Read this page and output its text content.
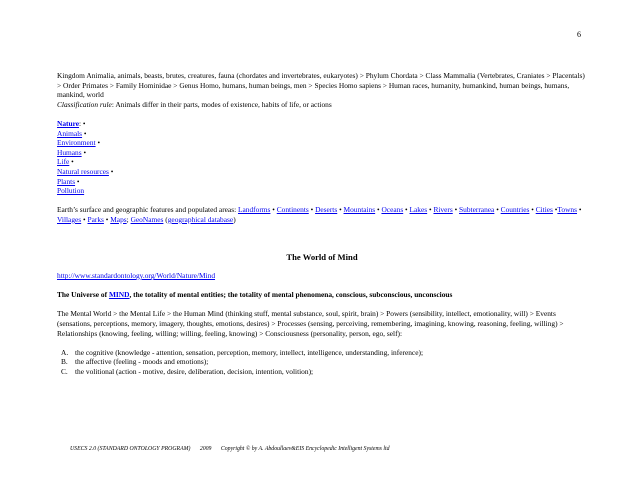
6

Kingdom Animalia, animals, beasts, brutes, creatures, fauna (chordates and invertebrates, eukaryotes) > Phylum Chordata > Class Mammalia (Vertebrates, Craniates > Placentals) > Order Primates > Family Hominidae > Genus Homo, humans, human beings, men > Species Homo sapiens > Human races, humanity, humankind, human beings, humans, mankind, world

Classification rule: Animals differ in their parts, modes of existence, habits of life, or actions

Nature: •
Animals •
Environment •
Humans •
Life •
Natural resources •
Plants •
Pollution

Earth’s surface and geographic features and populated areas: Landforms • Continents • Deserts • Mountains • Oceans • Lakes • Rivers • Subterranea • Countries • Cities •Towns • Villages • Parks • Maps; GeoNames (geographical database)

The World of Mind

http://www.standardontology.org/World/Nature/Mind

The Universe of MIND, the totality of mental entities; the totality of mental phenomena, conscious, subconscious, unconscious

The Mental World > the Mental Life > the Human Mind (thinking stuff, mental substance, soul, spirit, brain) > Powers (sensibility, intellect, emotionality, will) > Events (sensations, perceptions, memory, imagery, thoughts, emotions, desires) > Processes (sensing, perceiving, remembering, imagining, knowing, reasoning, feeling, willing) > Relationships (knowing, feeling, willing; willing, feeling, knowing) > Consciousness (personality, person, ego, self):

A. the cognitive (knowledge - attention, sensation, perception, memory, intellect, intelligence, understanding, inference);
B. the affective (feeling - moods and emotions);
C. the volitional (action - motive, desire, deliberation, decision, intention, volition);
USECS 2.0 (STANDARD ONTOLOGY PROGRAM) 2009 Copyright © by A. Abdoullaev&EIS Encyclopedic Intelligent Systems ltd
